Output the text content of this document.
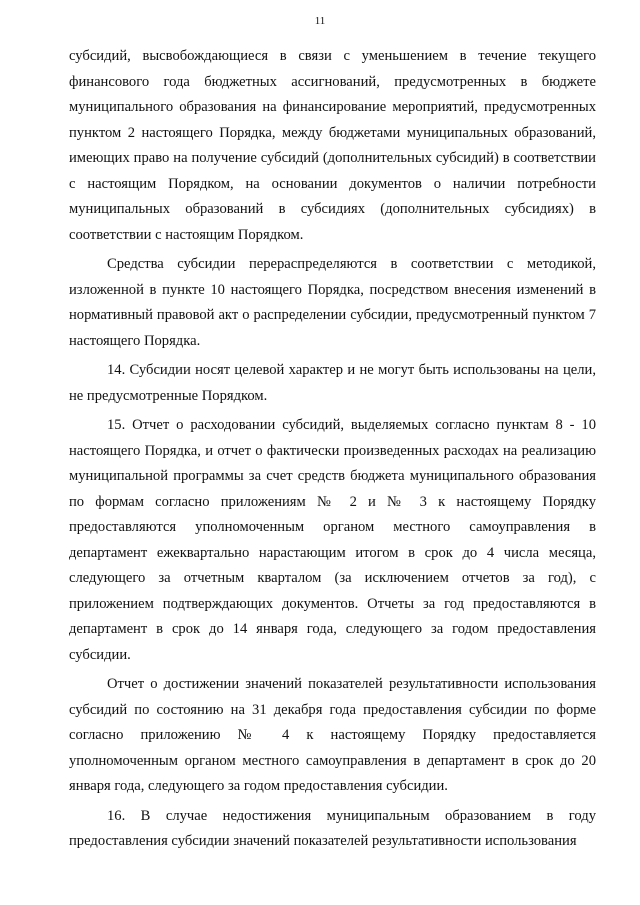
11

субсидий, высвобождающиеся в связи с уменьшением в течение текущего финансового года бюджетных ассигнований, предусмотренных в бюджете муниципального образования на финансирование мероприятий, предусмотренных пунктом 2 настоящего Порядка, между бюджетами муниципальных образований, имеющих право на получение субсидий (дополнительных субсидий) в соответствии с настоящим Порядком, на основании документов о наличии потребности муниципальных образований в субсидиях (дополнительных субсидиях) в соответствии с настоящим Порядком.

Средства субсидии перераспределяются в соответствии с методикой, изложенной в пункте 10 настоящего Порядка, посредством внесения изменений в нормативный правовой акт о распределении субсидии, предусмотренный пунктом 7 настоящего Порядка.

14. Субсидии носят целевой характер и не могут быть использованы на цели, не предусмотренные Порядком.

15. Отчет о расходовании субсидий, выделяемых согласно пунктам 8 - 10 настоящего Порядка, и отчет о фактически произведенных расходах на реализацию муниципальной программы за счет средств бюджета муниципального образования по формам согласно приложениям № 2 и № 3 к настоящему Порядку предоставляются уполномоченным органом местного самоуправления в департамент ежеквартально нарастающим итогом в срок до 4 числа месяца, следующего за отчетным кварталом (за исключением отчетов за год), с приложением подтверждающих документов. Отчеты за год предоставляются в департамент в срок до 14 января года, следующего за годом предоставления субсидии.

Отчет о достижении значений показателей результативности использования субсидий по состоянию на 31 декабря года предоставления субсидии по форме согласно приложению № 4 к настоящему Порядку предоставляется уполномоченным органом местного самоуправления в департамент в срок до 20 января года, следующего за годом предоставления субсидии.

16. В случае недостижения муниципальным образованием в году предоставления субсидии значений показателей результативности использования
